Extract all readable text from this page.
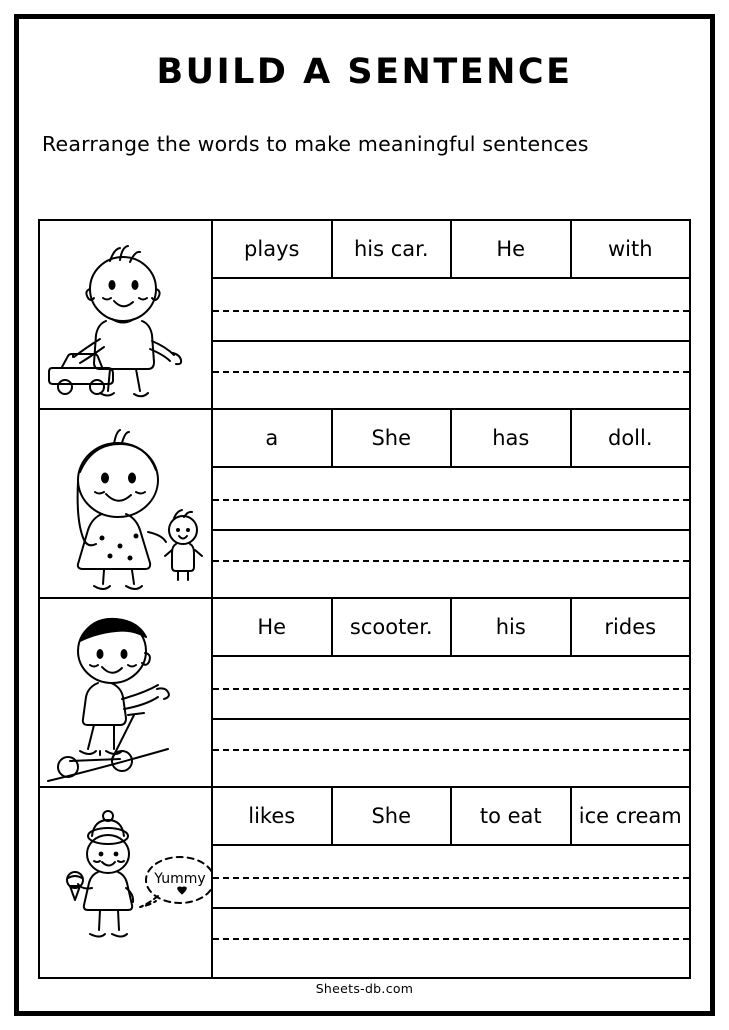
BUILD A SENTENCE
Rearrange the words to make meaningful sentences
plays	his car.	He	with
a	She	has	doll.
He	scooter.	his	rides
Yummy
likes	She	to eat	ice cream
Sheets-db.com
